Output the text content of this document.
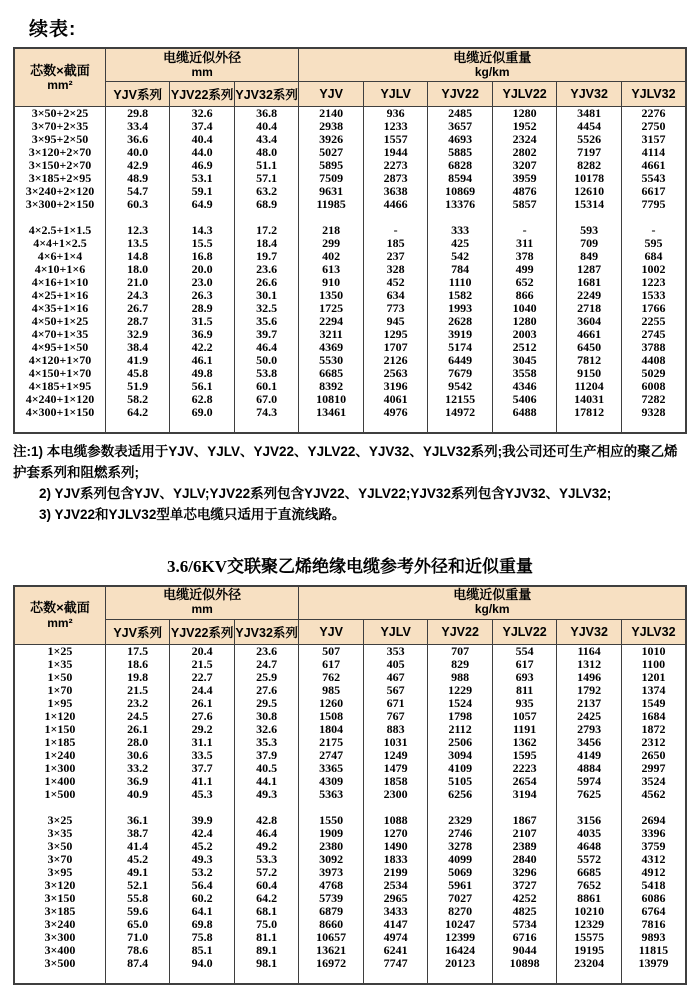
续表:
芯数×截面
mm²	电缆近似外径
mm			电缆近似重量
kg/km					

	YJV系列	YJV22系列	YJV32系列	YJV	YJLV	YJV22	YJLV22	YJV32	YJLV32
3×50+2×25	29.8	32.6	36.8	2140	936	2485	1280	3481	2276
3×70+2×35	33.4	37.4	40.4	2938	1233	3657	1952	4454	2750
3×95+2×50	36.6	40.4	43.4	3926	1557	4693	2324	5526	3157
3×120+2×70	40.0	44.0	48.0	5027	1944	5885	2802	7197	4114
3×150+2×70	42.9	46.9	51.1	5895	2273	6828	3207	8282	4661
3×185+2×95	48.9	53.1	57.1	7509	2873	8594	3959	10178	5543
3×240+2×120	54.7	59.1	63.2	9631	3638	10869	4876	12610	6617
3×300+2×150	60.3	64.9	68.9	11985	4466	13376	5857	15314	7795

4×2.5+1×1.5	12.3	14.3	17.2	218	-	333	-	593	-
4×4+1×2.5	13.5	15.5	18.4	299	185	425	311	709	595
4×6+1×4	14.8	16.8	19.7	402	237	542	378	849	684
4×10+1×6	18.0	20.0	23.6	613	328	784	499	1287	1002
4×16+1×10	21.0	23.0	26.6	910	452	1110	652	1681	1223
4×25+1×16	24.3	26.3	30.1	1350	634	1582	866	2249	1533
4×35+1×16	26.7	28.9	32.5	1725	773	1993	1040	2718	1766
4×50+1×25	28.7	31.5	35.6	2294	945	2628	1280	3604	2255
4×70+1×35	32.9	36.9	39.7	3211	1295	3919	2003	4661	2745
4×95+1×50	38.4	42.2	46.4	4369	1707	5174	2512	6450	3788
4×120+1×70	41.9	46.1	50.0	5530	2126	6449	3045	7812	4408
4×150+1×70	45.8	49.8	53.8	6685	2563	7679	3558	9150	5029
4×185+1×95	51.9	56.1	60.1	8392	3196	9542	4346	11204	6008
4×240+1×120	58.2	62.8	67.0	10810	4061	12155	5406	14031	7282
4×300+1×150	64.2	69.0	74.3	13461	4976	14972	6488	17812	9328

注:1) 本电缆参数表适用于YJV、YJLV、YJV22、YJLV22、YJV32、YJLV32系列;我公司还可生产相应的聚乙烯护套系列和阻燃系列;

2) YJV系列包含YJV、YJLV;YJV22系列包含YJV22、YJLV22;YJV32系列包含YJV32、YJLV32;

3) YJV22和YJLV32型单芯电缆只适用于直流线路。

3.6/6KV交联聚乙烯绝缘电缆参考外径和近似重量
芯数×截面
mm²	电缆近似外径
mm			电缆近似重量
kg/km					

	YJV系列	YJV22系列	YJV32系列	YJV	YJLV	YJV22	YJLV22	YJV32	YJLV32
1×25	17.5	20.4	23.6	507	353	707	554	1164	1010
1×35	18.6	21.5	24.7	617	405	829	617	1312	1100
1×50	19.8	22.7	25.9	762	467	988	693	1496	1201
1×70	21.5	24.4	27.6	985	567	1229	811	1792	1374
1×95	23.2	26.1	29.5	1260	671	1524	935	2137	1549
1×120	24.5	27.6	30.8	1508	767	1798	1057	2425	1684
1×150	26.1	29.2	32.6	1804	883	2112	1191	2793	1872
1×185	28.0	31.1	35.3	2175	1031	2506	1362	3456	2312
1×240	30.6	33.5	37.9	2747	1249	3094	1595	4149	2650
1×300	33.2	37.7	40.5	3365	1479	4109	2223	4884	2997
1×400	36.9	41.1	44.1	4309	1858	5105	2654	5974	3524
1×500	40.9	45.3	49.3	5363	2300	6256	3194	7625	4562

3×25	36.1	39.9	42.8	1550	1088	2329	1867	3156	2694
3×35	38.7	42.4	46.4	1909	1270	2746	2107	4035	3396
3×50	41.4	45.2	49.2	2380	1490	3278	2389	4648	3759
3×70	45.2	49.3	53.3	3092	1833	4099	2840	5572	4312
3×95	49.1	53.2	57.2	3973	2199	5069	3296	6685	4912
3×120	52.1	56.4	60.4	4768	2534	5961	3727	7652	5418
3×150	55.8	60.2	64.2	5739	2965	7027	4252	8861	6086
3×185	59.6	64.1	68.1	6879	3433	8270	4825	10210	6764
3×240	65.0	69.8	75.0	8660	4147	10247	5734	12329	7816
3×300	71.0	75.8	81.1	10657	4974	12399	6716	15575	9893
3×400	78.6	85.1	89.1	13621	6241	16424	9044	19195	11815
3×500	87.4	94.0	98.1	16972	7747	20123	10898	23204	13979
